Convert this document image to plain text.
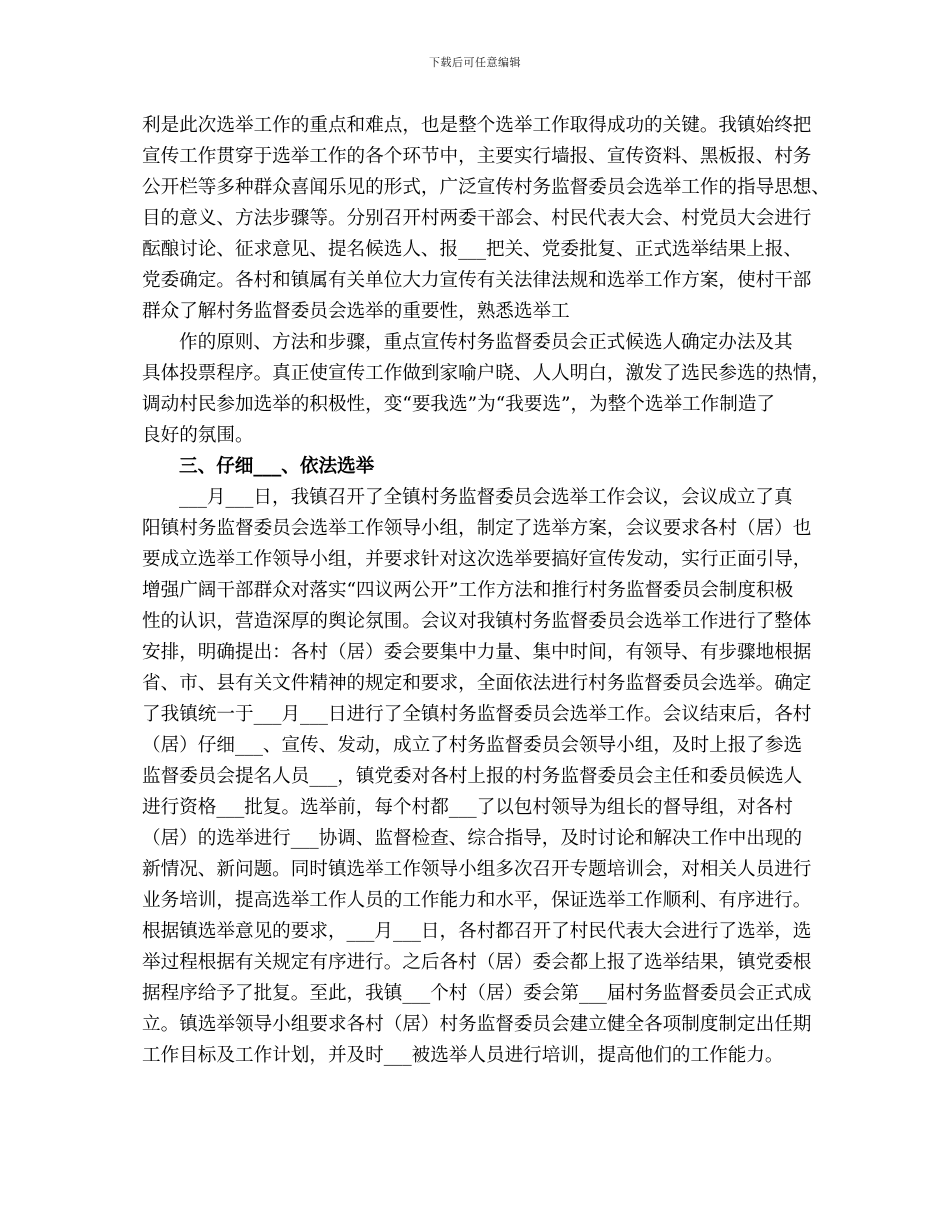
下载后可任意编辑
利是此次选举工作的重点和难点，也是整个选举工作取得成功的关键。我镇始终把
宣传工作贯穿于选举工作的各个环节中，主要实行墙报、宣传资料、黑板报、村务
公开栏等多种群众喜闻乐见的形式，广泛宣传村务监督委员会选举工作的指导思想、
目的意义、方法步骤等。分别召开村两委干部会、村民代表大会、村党员大会进行
酝酿讨论、征求意见、提名候选人、报___把关、党委批复、正式选举结果上报、
党委确定。各村和镇属有关单位大力宣传有关法律法规和选举工作方案，使村干部
群众了解村务监督委员会选举的重要性，熟悉选举工
作的原则、方法和步骤，重点宣传村务监督委员会正式候选人确定办法及其
具体投票程序。真正使宣传工作做到家喻户晓、人人明白，激发了选民参选的热情，
调动村民参加选举的积极性，变“要我选”为“我要选”，为整个选举工作制造了
良好的氛围。
三、仔细___、依法选举
___月___日，我镇召开了全镇村务监督委员会选举工作会议，会议成立了真
阳镇村务监督委员会选举工作领导小组，制定了选举方案，会议要求各村（居）也
要成立选举工作领导小组，并要求针对这次选举要搞好宣传发动，实行正面引导，
增强广阔干部群众对落实“四议两公开”工作方法和推行村务监督委员会制度积极
性的认识，营造深厚的舆论氛围。会议对我镇村务监督委员会选举工作进行了整体
安排，明确提出：各村（居）委会要集中力量、集中时间，有领导、有步骤地根据
省、市、县有关文件精神的规定和要求，全面依法进行村务监督委员会选举。确定
了我镇统一于___月___日进行了全镇村务监督委员会选举工作。会议结束后，各村
（居）仔细___、宣传、发动，成立了村务监督委员会领导小组，及时上报了参选
监督委员会提名人员___，镇党委对各村上报的村务监督委员会主任和委员候选人
进行资格___批复。选举前，每个村都___了以包村领导为组长的督导组，对各村
（居）的选举进行___协调、监督检查、综合指导，及时讨论和解决工作中出现的
新情况、新问题。同时镇选举工作领导小组多次召开专题培训会，对相关人员进行
业务培训，提高选举工作人员的工作能力和水平，保证选举工作顺利、有序进行。
根据镇选举意见的要求，___月___日，各村都召开了村民代表大会进行了选举，选
举过程根据有关规定有序进行。之后各村（居）委会都上报了选举结果，镇党委根
据程序给予了批复。至此，我镇___个村（居）委会第___届村务监督委员会正式成
立。镇选举领导小组要求各村（居）村务监督委员会建立健全各项制度制定出任期
工作目标及工作计划，并及时___被选举人员进行培训，提高他们的工作能力。
